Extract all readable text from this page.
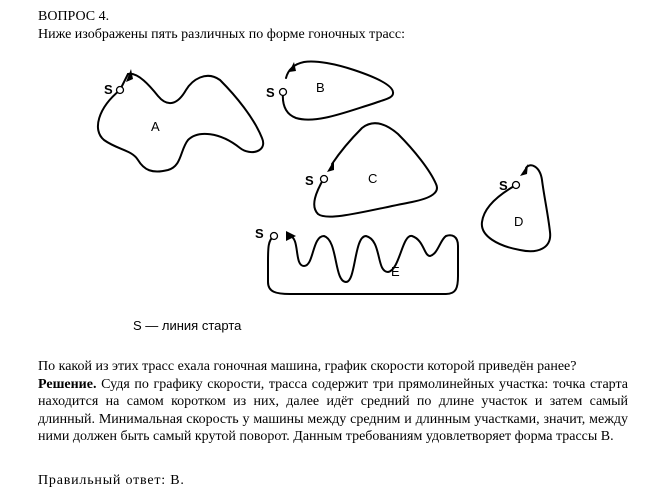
ВОПРОС 4.
Ниже изображены пять различных по форме гоночных трасс:
S
A
S	B
S	C	S
D
S
E
S — линия старта
По какой из этих трасс ехала гоночная машина, график скорости которой приведён ранее?
Решение. Судя по графику скорости, трасса содержит три прямолинейных участка: точка старта находится на самом коротком из них, далее идёт средний по длине участок и затем самый длинный. Минимальная скорость у машины между средним и длинным участками, значит, между ними должен быть самый крутой поворот. Данным требованиям удовлетворяет форма трассы B.
Правильный ответ: В.
